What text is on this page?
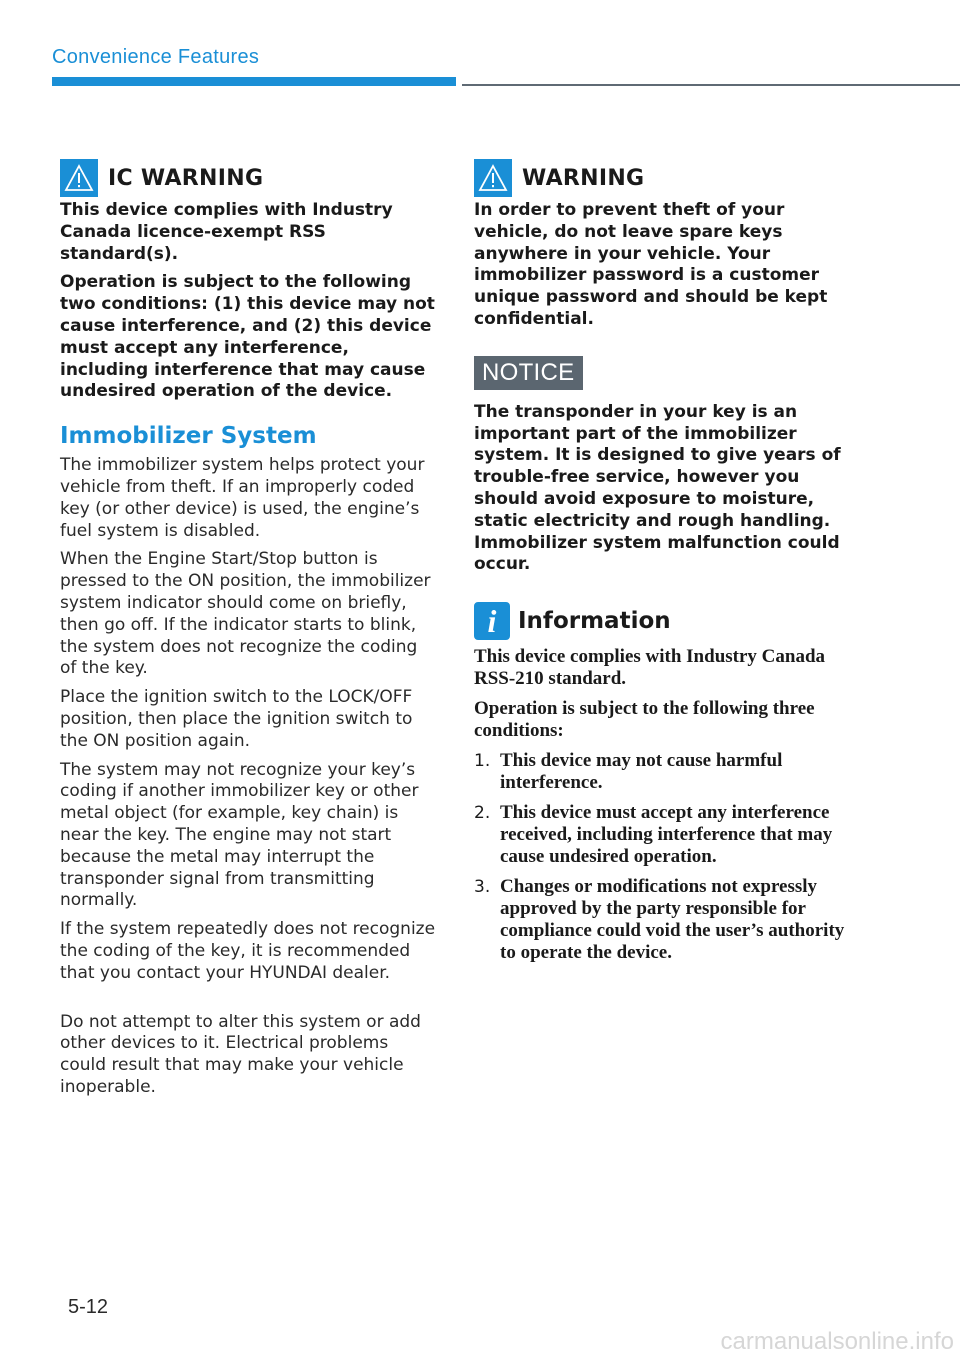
Convenience Features
IC WARNING

This device complies with Industry Canada licence-exempt RSS standard(s).

Operation is subject to the following two conditions: (1) this device may not cause interference, and (2) this device must accept any interference, including interference that may cause undesired operation of the device.

Immobilizer System

The immobilizer system helps protect your vehicle from theft. If an improperly coded key (or other device) is used, the engine’s fuel system is disabled.

When the Engine Start/Stop button is pressed to the ON position, the immobilizer system indicator should come on briefly, then go off. If the indicator starts to blink, the system does not recognize the coding of the key.

Place the ignition switch to the LOCK/OFF position, then place the ignition switch to the ON position again.

The system may not recognize your key’s coding if another immobilizer key or other metal object (for example, key chain) is near the key. The engine may not start because the metal may interrupt the transponder signal from transmitting normally.

If the system repeatedly does not recognize the coding of the key, it is recommended that you contact your HYUNDAI dealer.

Do not attempt to alter this system or add other devices to it. Electrical problems could result that may make your vehicle inoperable.

WARNING

In order to prevent theft of your vehicle, do not leave spare keys anywhere in your vehicle. Your immobilizer password is a customer unique password and should be kept confidential.

NOTICE

The transponder in your key is an important part of the immobilizer system. It is designed to give years of trouble-free service, however you should avoid exposure to moisture, static electricity and rough handling. Immobilizer system malfunction could occur.

i Information

This device complies with Industry Canada RSS-210 standard.

Operation is subject to the following three conditions:

1. This device may not cause harmful interference.
2. This device must accept any interference received, including interference that may cause undesired operation.
3. Changes or modifications not expressly approved by the party responsible for compliance could void the user’s authority to operate the device.
5-12
carmanualsonline.info
